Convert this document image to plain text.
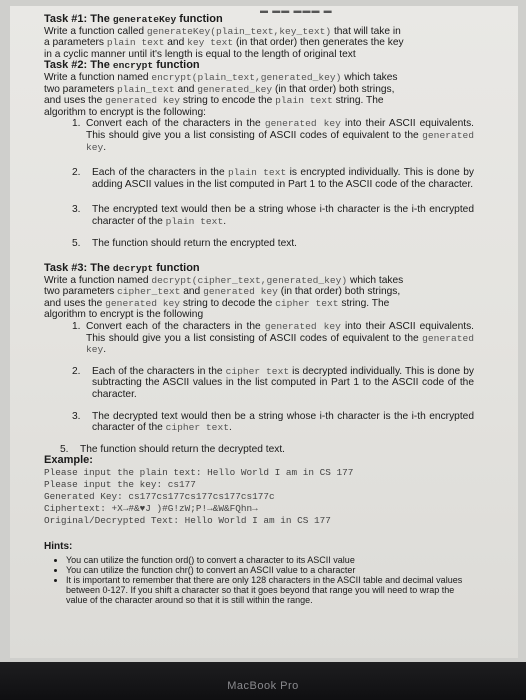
▬ ▬▬ ▬▬▬ ▬
Task #1: The generateKey function
Write a function called generateKey(plain_text,key_text) that will take in
a parameters plain text and key text (in that order) then generates the key
in a cyclic manner until it's length is equal to the length of original text
Task #2: The encrypt function
Write a function named encrypt(plain_text,generated_key) which takes
two parameters plain_text and generated_key (in that order) both strings,
and uses the generated key string to encode the plain text string. The
algorithm to encrypt is the following:
1. Convert each of the characters in the generated key into their ASCII equivalents. This should give you a list consisting of ASCII codes of equivalent to the generated key.
2.	Each of the characters in the plain text is encrypted individually. This is done by adding ASCII values in the list computed in Part 1 to the ASCII code of the character.
3.	The encrypted text would then be a string whose i-th character is the i-th encrypted character of the plain text.
5.	The function should return the encrypted text.
Task #3: The decrypt function
Write a function named decrypt(cipher_text,generated_key) which takes
two parameters cipher_text and generated key (in that order) both strings,
and uses the generated key string to decode the cipher text string. The
algorithm to encrypt is the following
1. Convert each of the characters in the generated key into their ASCII equivalents. This should give you a list consisting of ASCII codes of equivalent to the generated key.
2.	Each of the characters in the cipher text is decrypted individually. This is done by subtracting the ASCII values in the list computed in Part 1 to the ASCII code of the character.
3.	The decrypted text would then be a string whose i-th character is the i-th encrypted character of the cipher text.
5.	The function should return the decrypted text.
Example:
Please input the plain text: Hello World I am in CS 177
Please input the key: cs177
Generated Key: cs177cs177cs177cs177cs177c
Ciphertext: +X→#&♥J )#G!zW;P!→&W&FQhn→
Original/Decrypted Text: Hello World I am in CS 177
Hints:
• You can utilize the function ord() to convert a character to its ASCII value
• You can utilize the function chr() to convert an ASCII value to a character
• It is important to remember that there are only 128 characters in the ASCII table and decimal values between 0-127. If you shift a character so that it goes beyond that range you will need to wrap the value of the character around so that it is still within the range.
MacBook Pro
